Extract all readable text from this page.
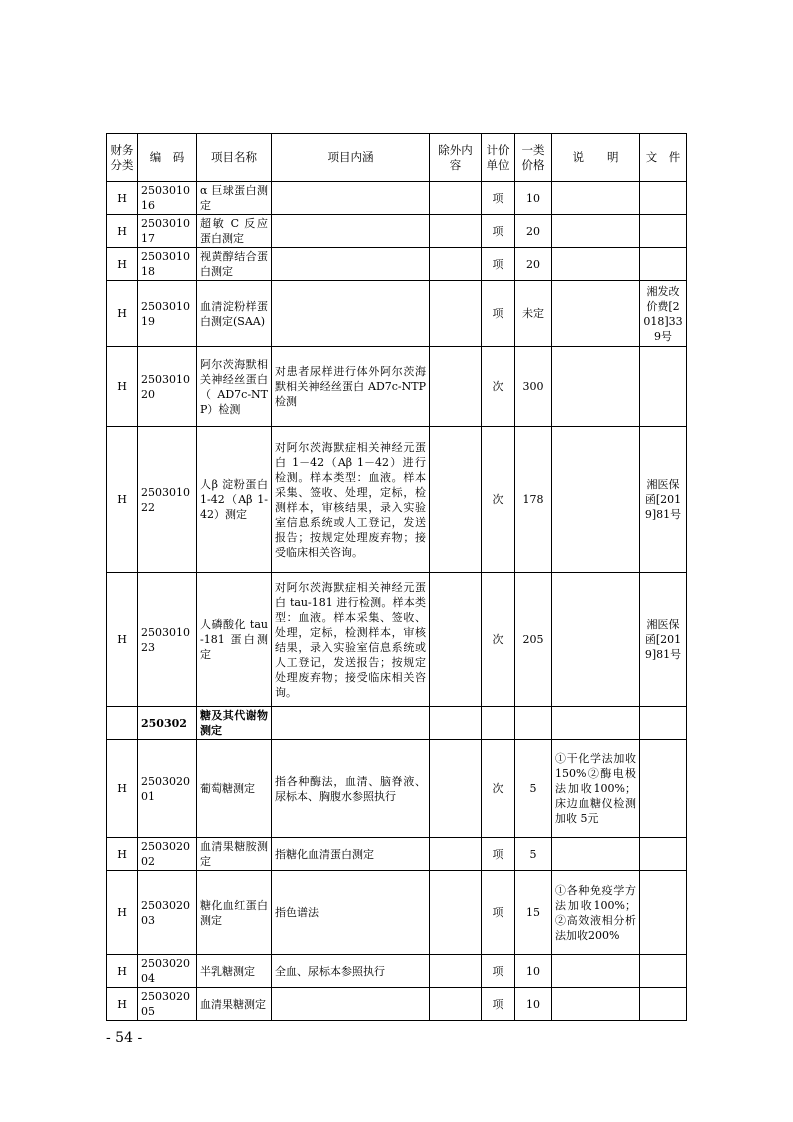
财务分类	编　码	项目名称	项目内涵	除外内容	计价单位	一类价格	说　　明	文　件
H	250301016	α 巨球蛋白测定			项	10		
H	250301017	超敏 C 反应蛋白测定			项	20		
H	250301018	视黄醇结合蛋白测定			项	20		
H	250301019	血清淀粉样蛋白测定(SAA)			项	未定		湘发改价费[2018]339号
H	250301020	阿尔茨海默相关神经丝蛋白（AD7c-NTP）检测	对患者尿样进行体外阿尔茨海默相关神经丝蛋白 AD7c-NTP 检测		次	300		
H	250301022	人β 淀粉蛋白 1-42（Aβ 1-42）测定	对阿尔茨海默症相关神经元蛋白 1－42（Aβ 1－42）进行检测。样本类型：血液。样本采集、签收、处理，定标，检测样本，审核结果，录入实验室信息系统或人工登记，发送报告；按规定处理废弃物；接受临床相关咨询。		次	178		湘医保函[2019]81号
H	250301023	人磷酸化 tau-181 蛋白测定	对阿尔茨海默症相关神经元蛋白 tau-181 进行检测。样本类型：血液。样本采集、签收、处理，定标，检测样本，审核结果，录入实验室信息系统或人工登记，发送报告；按规定处理废弃物；接受临床相关咨询。		次	205		湘医保函[2019]81号
	250302	糖及其代谢物测定						
H	250302001	葡萄糖测定	指各种酶法，血清、脑脊液、尿标本、胸腹水参照执行		次	5	①干化学法加收 150%②酶电极法加收100%；床边血糖仪检测加收 5元	
H	250302002	血清果糖胺测定	指糖化血清蛋白测定		项	5		
H	250302003	糖化血红蛋白测定	指色谱法		项	15	①各种免疫学方法加收100%；②高效液相分析法加收200%	
H	250302004	半乳糖测定	全血、尿标本参照执行		项	10		
H	250302005	血清果糖测定			项	10		
- 54 -
